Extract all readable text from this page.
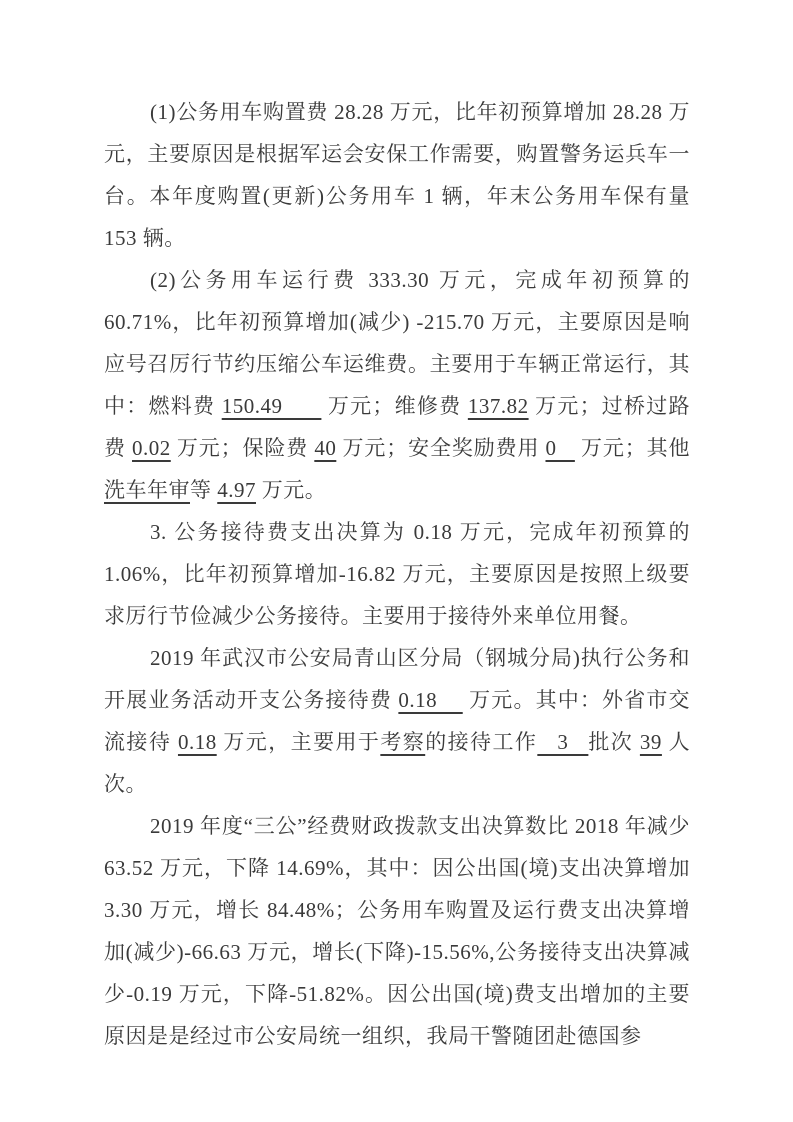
(1)公务用车购置费 28.28 万元，比年初预算增加 28.28 万元，主要原因是根据军运会安保工作需要，购置警务运兵车一台。本年度购置(更新)公务用车 1 辆，年末公务用车保有量 153 辆。

(2)公务用车运行费 333.30 万元，完成年初预算的 60.71%，比年初预算增加(减少) -215.70 万元，主要原因是响应号召厉行节约压缩公车运维费。主要用于车辆正常运行，其中：燃料费 150.49       万元；维修费 137.82 万元；过桥过路费 0.02 万元；保险费 40 万元；安全奖励费用 0    万元；其他洗车年审等 4.97 万元。

3. 公务接待费支出决算为 0.18 万元，完成年初预算的 1.06%，比年初预算增加-16.82 万元，主要原因是按照上级要求厉行节俭减少公务接待。主要用于接待外来单位用餐。

2019 年武汉市公安局青山区分局（钢城分局)执行公务和开展业务活动开支公务接待费 0.18     万元。其中：外省市交流接待 0.18 万元，主要用于考察的接待工作   3   批次 39 人次。

2019 年度“三公”经费财政拨款支出决算数比 2018 年减少 63.52 万元，下降 14.69%，其中：因公出国(境)支出决算增加 3.30 万元，增长 84.48%；公务用车购置及运行费支出决算增加(减少)-66.63 万元，增长(下降)-15.56%,公务接待支出决算减少-0.19 万元，下降-51.82%。因公出国(境)费支出增加的主要原因是是经过市公安局统一组织，我局干警随团赴德国参
